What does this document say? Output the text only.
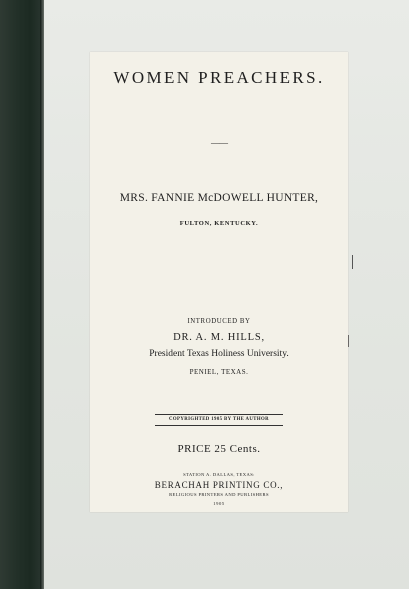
WOMEN PREACHERS.
——
MRS. FANNIE McDOWELL HUNTER,
FULTON, KENTUCKY.
INTRODUCED BY
DR. A. M. HILLS,
President Texas Holiness University.
PENIEL, TEXAS.
COPYRIGHTED 1905 BY THE AUTHOR
PRICE 25 Cents.
STATION A. DALLAS, TEXAS:
BERACHAH PRINTING CO.,
RELIGIOUS PRINTERS AND PUBLISHERS
1905
